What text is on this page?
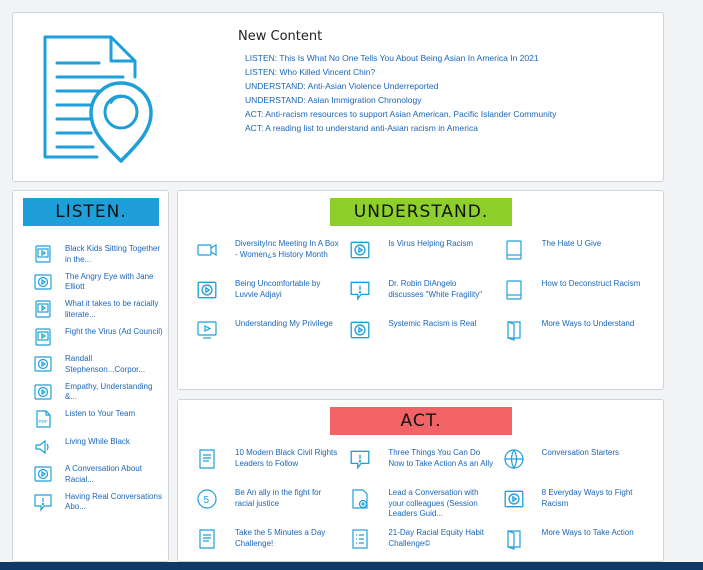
New Content
LISTEN: This Is What No One Tells You About Being Asian In America In 2021
LISTEN: Who Killed Vincent Chin?
UNDERSTAND: Anti-Asian Violence Underreported
UNDERSTAND: Asian Immigration Chronology
ACT: Anti-racism resources to support Asian American, Pacific Islander Community
ACT: A reading list to understand anti-Asian racism in America
LISTEN.
Black Kids Sitting Together in the...
The Angry Eye with Jane Elliott
What it takes to be racially literate...
Fight the Virus (Ad Council)
Randall Stephenson...Corpor...
Empathy, Understanding &...
PDF
Listen to Your Team
Living While Black
A Conversation About Racial...
Having Real Conversations Abo...
UNDERSTAND.
DiversityInc Meeting In A Box - Women¿s History Month
Is Virus Helping Racism	The Hate U Give
Being Uncomfortable by Luvvie Adjayi
Dr. Robin DiAngelo discusses "White Fragility"
How to Deconstruct Racism
Understanding My Privilege	Systemic Racism is Real	More Ways to Understand
ACT.
10 Modern Black Civil Rights Leaders to Follow
Three Things You Can Do Now to Take Action As an Ally
Conversation Starters
5
Be An ally in the fight for racial justice
Lead a Conversation with your colleagues (Session Leaders Guid...
8 Everyday Ways to Fight Racism
Take the 5 Minutes a Day Challenge!
21-Day Racial Equity Habit Challenge©
More Ways to Take Action
